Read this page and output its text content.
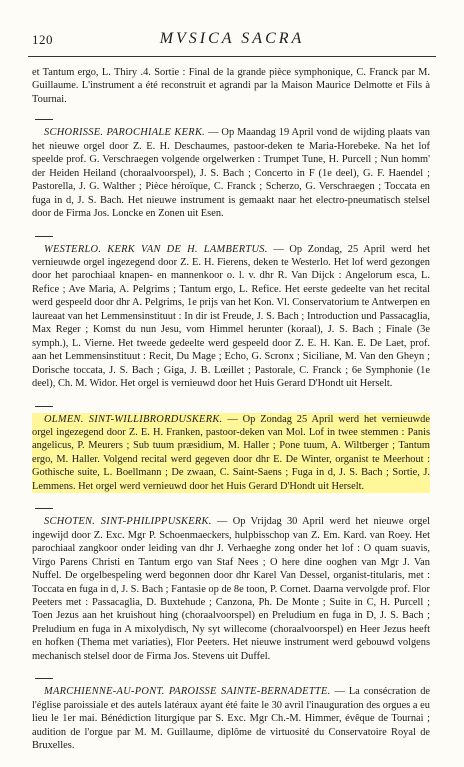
120	MVSICA SACRA

et Tantum ergo, L. Thiry .4. Sortie : Final de la grande pièce symphonique, C. Franck par M. Guillaume. L'instrument a été reconstruit et agrandi par la Maison Maurice Delmotte et Fils à Tournai.

SCHORISSE. PAROCHIALE KERK. — Op Maandag 19 April vond de wijding plaats van het nieuwe orgel door Z. E. H. Deschaumes, pastoor-deken te Maria-Horebeke. Na het lof speelde prof. G. Verschraegen volgende orgelwerken : Trumpet Tune, H. Purcell ; Nun homm' der Heiden Heiland (choraalvoorspel), J. S. Bach ; Concerto in F (1e deel), G. F. Haendel ; Pastorella, J. G. Walther ; Pièce héroïque, C. Franck ; Scherzo, G. Verschraegen ; Toccata en fuga in d, J. S. Bach. Het nieuwe instrument is gemaakt naar het electro-pneumatisch stelsel door de Firma Jos. Loncke en Zonen uit Esen.

WESTERLO. KERK VAN DE H. LAMBERTUS. — Op Zondag, 25 April werd het vernieuwde orgel ingezegend door Z. E. H. Fierens, deken te Westerlo. Het lof werd gezongen door het parochiaal knapen- en mannenkoor o. l. v. dhr R. Van Dijck : Angelorum esca, L. Refice ; Ave Maria, A. Pelgrims ; Tantum ergo, L. Refice. Het eerste gedeelte van het recital werd gespeeld door dhr A. Pelgrims, 1e prijs van het Kon. Vl. Conservatorium te Antwerpen en laureaat van het Lemmensinstituut : In dir ist Freude, J. S. Bach ; Introduction und Passacaglia, Max Reger ; Komst du nun Jesu, vom Himmel herunter (koraal), J. S. Bach ; Finale (3e symph.), L. Vierne. Het tweede gedeelte werd gespeeld door Z. E. H. Kan. E. De Laet, prof. aan het Lemmensinstituut : Recit, Du Mage ; Echo, G. Scronx ; Siciliane, M. Van den Gheyn ; Dorische toccata, J. S. Bach ; Giga, J. B. Lœillet ; Pastorale, C. Franck ; 6e Symphonie (1e deel), Ch. M. Widor. Het orgel is vernieuwd door het Huis Gerard D'Hondt uit Herselt.

OLMEN. SINT-WILLIBRORDUSKERK. — Op Zondag 25 April werd het vernieuwde orgel ingezegend door Z. E. H. Franken, pastoor-deken van Mol. Lof in twee stemmen : Panis angelicus, P. Meurers ; Sub tuum præsidium, M. Haller ; Pone tuum, A. Wiltberger ; Tantum ergo, M. Haller. Volgend recital werd gegeven door dhr E. De Winter, organist te Meerhout : Gothische suite, L. Boellmann ; De zwaan, C. Saint-Saens ; Fuga in d, J. S. Bach ; Sortie, J. Lemmens. Het orgel werd vernieuwd door het Huis Gerard D'Hondt uit Herselt.

SCHOTEN. SINT-PHILIPPUSKERK. — Op Vrijdag 30 April werd het nieuwe orgel ingewijd door Z. Exc. Mgr P. Schoenmaeckers, hulpbisschop van Z. Em. Kard. van Roey. Het parochiaal zangkoor onder leiding van dhr J. Verhaeghe zong onder het lof : O quam suavis, Virgo Parens Christi en Tantum ergo van Staf Nees ; O here dine ooghen van Mgr J. Van Nuffel. De orgelbespeling werd begonnen door dhr Karel Van Dessel, organist-titularis, met : Toccata en fuga in d, J. S. Bach ; Fantasie op de 8e toon, P. Cornet. Daarna vervolgde prof. Flor Peeters met : Passacaglia, D. Buxtehude ; Canzona, Ph. De Monte ; Suite in C, H. Purcell ; Toen Jezus aan het kruishout hing (choraalvoorspel) en Preludium en fuga in D, J. S. Bach ; Preludium en fuga in A mixolydisch, Ny syt willecome (choraalvoorspel) en Heer Jezus heeft en hofken (Thema met variaties), Flor Peeters. Het nieuwe instrument werd gebouwd volgens mechanisch stelsel door de Firma Jos. Stevens uit Duffel.

MARCHIENNE-AU-PONT. PAROISSE SAINTE-BERNADETTE. — La consécration de l'église paroissiale et des autels latéraux ayant été faite le 30 avril l'inauguration des orgues a eu lieu le 1er mai. Bénédiction liturgique par S. Exc. Mgr Ch.-M. Himmer, évêque de Tournai ; audition de l'orgue par M. M. Guillaume, diplôme de virtuosité du Conservatoire Royal de Bruxelles.
